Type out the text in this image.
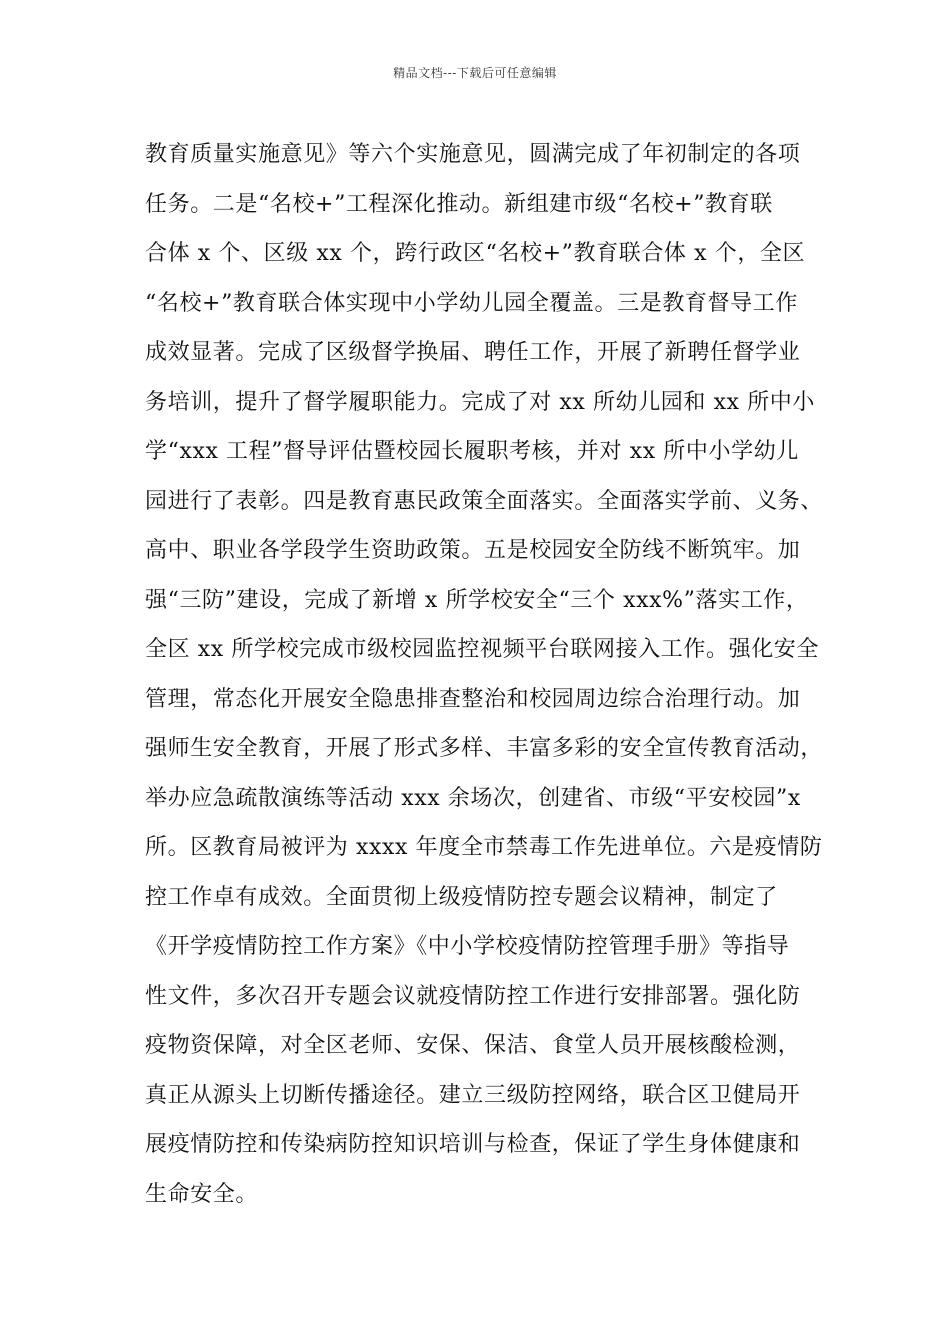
精品文档---下载后可任意编辑
教育质量实施意见》等六个实施意见，圆满完成了年初制定的各项
任务。二是“名校+”工程深化推动。新组建市级“名校+”教育联
合体 x 个、区级 xx 个，跨行政区“名校+”教育联合体 x 个，全区
“名校+”教育联合体实现中小学幼儿园全覆盖。三是教育督导工作
成效显著。完成了区级督学换届、聘任工作，开展了新聘任督学业
务培训，提升了督学履职能力。完成了对 xx 所幼儿园和 xx 所中小
学“xxx 工程”督导评估暨校园长履职考核，并对 xx 所中小学幼儿
园进行了表彰。四是教育惠民政策全面落实。全面落实学前、义务、
高中、职业各学段学生资助政策。五是校园安全防线不断筑牢。加
强“三防”建设，完成了新增 x 所学校安全“三个 xxx%”落实工作，
全区 xx 所学校完成市级校园监控视频平台联网接入工作。强化安全
管理，常态化开展安全隐患排查整治和校园周边综合治理行动。加
强师生安全教育，开展了形式多样、丰富多彩的安全宣传教育活动，
举办应急疏散演练等活动 xxx 余场次，创建省、市级“平安校园”x
所。区教育局被评为 xxxx 年度全市禁毒工作先进单位。六是疫情防
控工作卓有成效。全面贯彻上级疫情防控专题会议精神，制定了
《开学疫情防控工作方案》《中小学校疫情防控管理手册》等指导
性文件，多次召开专题会议就疫情防控工作进行安排部署。强化防
疫物资保障，对全区老师、安保、保洁、食堂人员开展核酸检测，
真正从源头上切断传播途径。建立三级防控网络，联合区卫健局开
展疫情防控和传染病防控知识培训与检查，保证了学生身体健康和
生命安全。
